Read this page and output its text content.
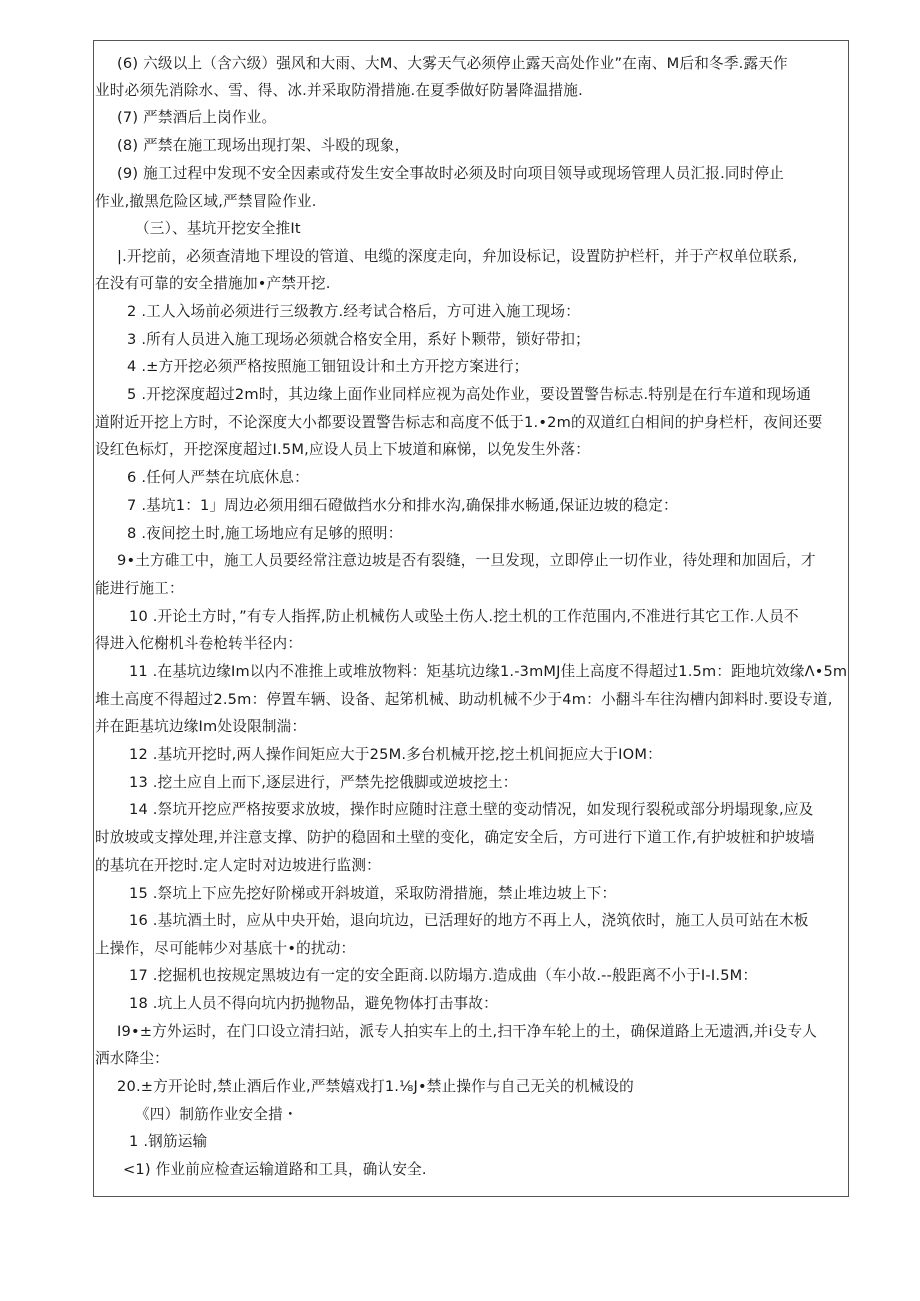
(6) 六级以上（含六级）强风和大雨、大M、大雾天气必须停止露天高处作业”在南、M后和冬季.露天作
业时必须先消除水、雪、得、冰.并采取防滑措施.在夏季做好防暑降温措施.
(7) 严禁酒后上岗作业。
(8) 严禁在施工现场出现打架、斗殴的现象，
(9) 施工过程中发现不安全因素或苻发生安全事故时必须及时向项目领导或现场管理人员汇报.同时停止
作业,撤黑危险区域,严禁冒险作业.
（三）、基坑开挖安全推It
|.开挖前，必须查清地下埋设的管道、电缆的深度走向，弁加设标记，设置防护栏杆，并于产权单位联系,
在没有可靠的安全措施加•产禁开挖.
2 .工人入场前必须进行三级教方.经考试合格后，方可进入施工现场：
3 .所有人员进入施工现场必须就合格安全用，系好卜颗带，锁好带扣；
4 .±方开挖必须严格按照施工钿钮设计和土方开挖方案进行；
5 .开挖深度超过2m时，其边缘上面作业同样应视为高处作业，要设置警告标志.特别是在行车道和现场通
道附近开挖上方时，不论深度大小都要设置警告标志和高度不低于1.•2m的双道红白相间的护身栏杆，夜间还要
设红色标灯，开挖深度超过I.5M,应设人员上下坡道和麻悌，以免发生外落：
6 .任何人严禁在坑底休息：
7 .基坑1：1」周边必须用细石磴做挡水分和排水沟,确保排水畅通,保证边坡的稳定：
8 .夜间挖土时,施工场地应有足够的照明：
9•土方碓工中，施工人员要经常注意边坡是否有裂缝，一旦发现，立即停止一切作业，待处理和加固后，才
能进行施工：
10 .开论土方时，”有专人指挥,防止机械伤人或坠土伤人.挖土机的工作范围内,不准进行其它工作.人员不
得进入佗榭机斗卷枪转半径内：
11 .在基坑边缘Im以内不准推上或堆放物料：矩基坑边缘1.-3mMJ佳上高度不得超过1.5m：距地坑效缘Λ•5m
堆土高度不得超过2.5m：停置车辆、设备、起笫机械、助动机械不少于4m：小翻斗车往沟槽内卸料时.要设专道,
并在距基坑边缘Im处设限制湍：
12 .基坑开挖时,两人操作间矩应大于25M.多台机械开挖,挖土机间扼应大于IOM：
13 .挖土应自上而下,逐层进行，严禁先挖俄脚或逆坡挖土：
14 .祭坑开挖应严格按要求放坡，操作时应随时注意土壁的变动情况，如发现行裂税或部分坍塌现象,应及
时放坡或支撑处理,并注意支撑、防护的稳固和土壁的变化，确定安全后，方可进行下道工作,有护坡桩和护坡墙
的基坑在开挖时.定人定时对边坡进行监测：
15 .祭坑上下应先挖好阶梯或开斜坡道，采取防滑措施，禁止堆边坡上下：
16 .基坑酒土时，应从中央开始，退向坑边，已活理好的地方不再上人，浇筑依时，施工人员可站在木板
上操作，尽可能帏少对基底十•的扰动：
17 .挖掘机也按规定黑坡边有一定的安全距商.以防塌方.造成曲（车小故.--般距离不小于I-I.5M：
18 .坑上人员不得向坑内扔抛物品，避免物体打击事故：
I9•±方外运时，在门口设立清扫站，派专人拍实车上的土,扫干净车轮上的土，确保道路上无遗洒,并i殳专人
洒水降尘：
20.±方开论时,禁止酒后作业,严禁嬉戏打1.⅛J•禁止操作与自己无关的机械设的
《四）制筋作业安全措・
1 .钢筋运输
<1) 作业前应检查运输道路和工具，确认安全.
